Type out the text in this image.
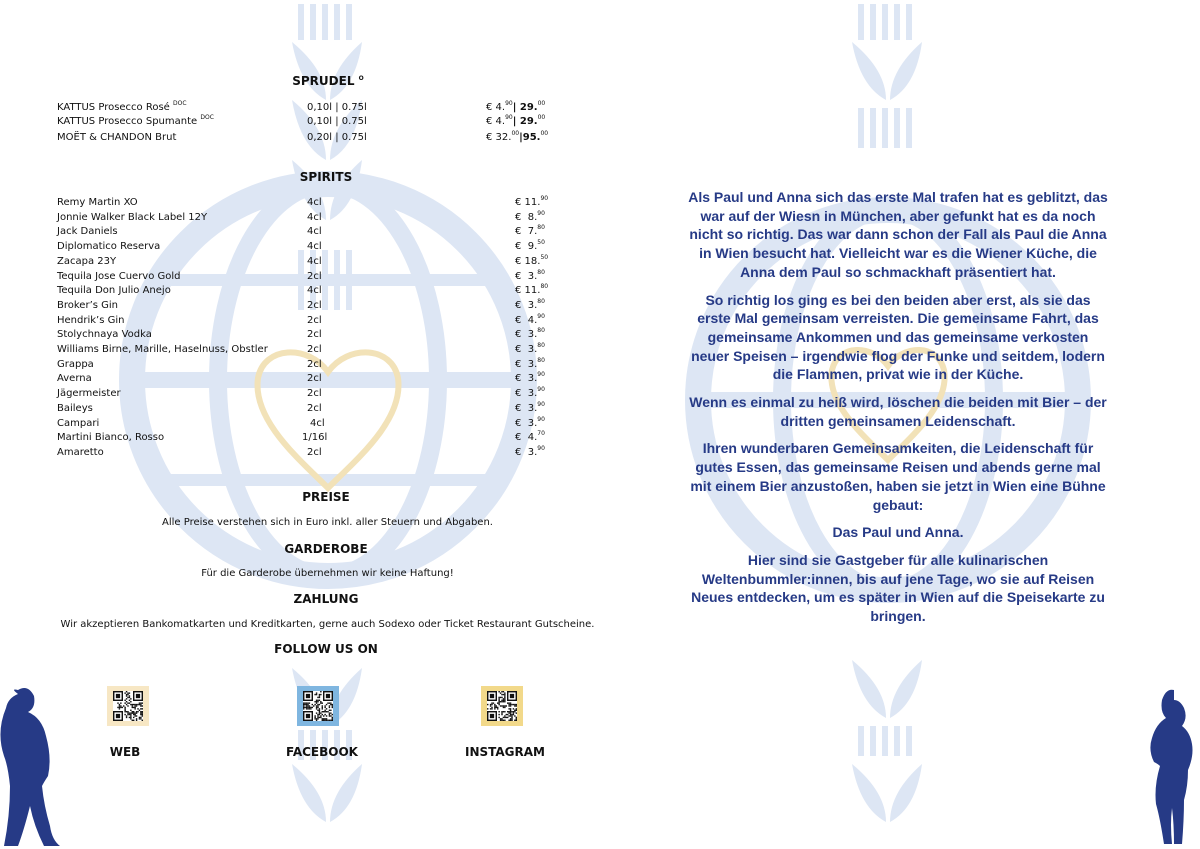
SPRUDEL $^O$
KATTUS Prosecco Rosé $^{DOC}$	0,10l | 0.75l	€ 4.90| 29.00
KATTUS Prosecco Spumante $^{DOC}$	0,10l | 0.75l	€ 4.90| 29.00
MOËT & CHANDON Brut	0,20l | 0.75l	€ 32.00|95.00
SPIRITS
Remy Martin XO	4cl	€ 11.90
Jonnie Walker Black Label 12Y	4cl	€  8.90
Jack Daniels	4cl	€  7.80
Diplomatico Reserva	4cl	€  9.50
Zacapa 23Y	4cl	€ 18.50
Tequila Jose Cuervo Gold	2cl	€  3.80
Tequila Don Julio Anejo	4cl	€ 11.80
Broker’s Gin	2cl	€  3.80
Hendrik’s Gin	2cl	€  4.90
Stolychnaya Vodka	2cl	€  3.80
Williams Birne, Marille, Haselnuss, Obstler	2cl	€  3.80
Grappa	2cl	€  3.80
Averna	2cl	€  3.90
Jägermeister	2cl	€  3.90
Baileys	2cl	€  3.90
Campari	4cl	€  3.90
Martini Bianco, Rosso	1/16l	€  4.70
Amaretto	2cl	€  3.90
PREISE
Alle Preise verstehen sich in Euro inkl. aller Steuern und Abgaben.
GARDEROBE
Für die Garderobe übernehmen wir keine Haftung!
ZAHLUNG
Wir akzeptieren Bankomatkarten und Kreditkarten, gerne auch Sodexo oder Ticket Restaurant Gutscheine.
FOLLOW US ON
WEB	FACEBOOK	INSTAGRAM

Als Paul und Anna sich das erste Mal trafen hat es geblitzt, das war auf der Wiesn in München, aber gefunkt hat es da noch nicht so richtig. Das war dann schon der Fall als Paul die Anna in Wien besucht hat. Vielleicht war es die Wiener Küche, die Anna dem Paul so schmackhaft präsentiert hat.

So richtig los ging es bei den beiden aber erst, als sie das erste Mal gemeinsam verreisten. Die gemeinsame Fahrt, das gemeinsame Ankommen und das gemeinsame verkosten neuer Speisen – irgendwie flog der Funke und seitdem, lodern die Flammen, privat wie in der Küche.

Wenn es einmal zu heiß wird, löschen die beiden mit Bier – der dritten gemeinsamen Leidenschaft.

Ihren wunderbaren Gemeinsamkeiten, die Leidenschaft für gutes Essen, das gemeinsame Reisen und abends gerne mal mit einem Bier anzustoßen, haben sie jetzt in Wien eine Bühne gebaut:

Das Paul und Anna.

Hier sind sie Gastgeber für alle kulinarischen Weltenbummler:innen, bis auf jene Tage, wo sie auf Reisen Neues entdecken, um es später in Wien auf die Speisekarte zu bringen.
